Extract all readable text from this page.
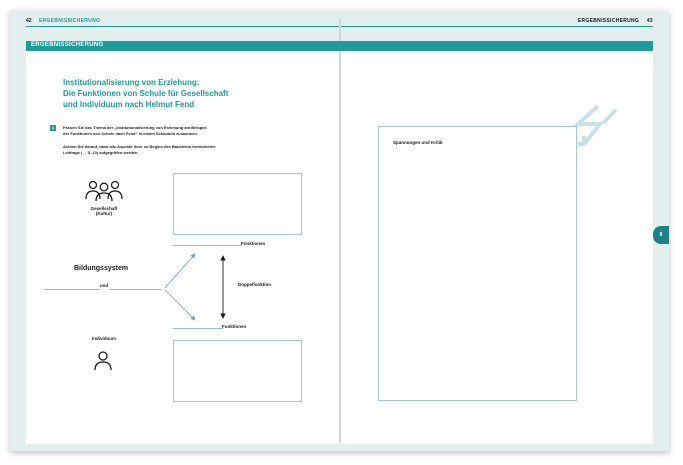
42 ERGEBNISSICHERUNG	ERGEBNISSICHERUNG 43
ERGEBNISSICHERUNG
Institutionalisierung von Erziehung:
Die Funktionen von Schule für Gesellschaft
und Individuum nach Helmut Fend
1	Fassen Sie das Thema der „Institutionalisierung von Erziehung am Beispiel
der Funktionen von Schule nach Fend“ in einem Schaubild zusammen.
Achten Sie darauf, dass alle Aspekte ihrer zu Beginn des Bausteins formulierten
Leitfrage (→ S. 10) aufgegriffen werden.
Gesellschaft
(Kultur)
Funktionen
Bildungssystem
und	Doppelfunktion
Funktionen
Individuum
Spannungen und Kritik
II
